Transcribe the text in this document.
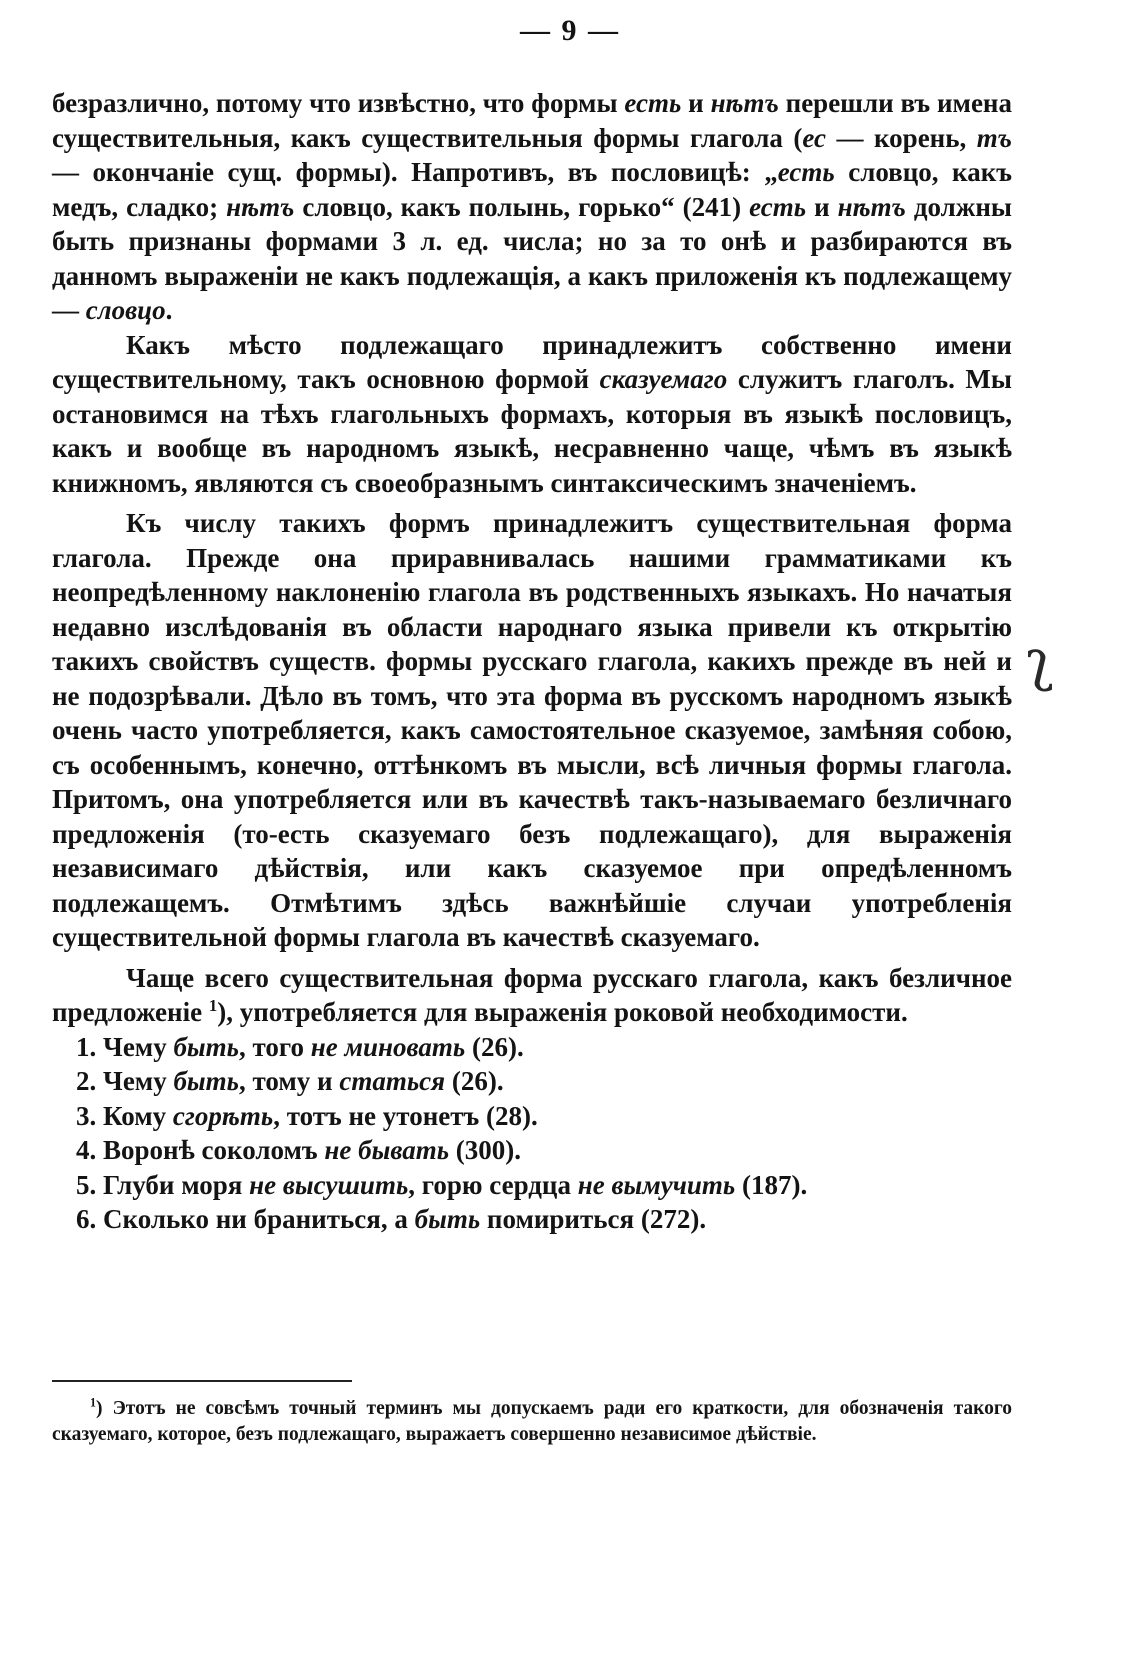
— 9 —

безразлично, потому что извѣстно, что формы есть и нѣтъ перешли въ имена существительныя, какъ существительныя формы глагола (ес — корень, тъ — окончаніе сущ. формы). Напротивъ, въ пословицѣ: „есть словцо, какъ медъ, сладко; нѣтъ словцо, какъ полынь, горько“ (241) есть и нѣтъ должны быть признаны формами 3 л. ед. числа; но за то онѣ и разбираются въ данномъ выраженіи не какъ подлежащія, а какъ приложенія къ подлежащему — словцо.

Какъ мѣсто подлежащаго принадлежитъ собственно имени существительному, такъ основною формой сказуемаго служитъ глаголъ. Мы остановимся на тѣхъ глагольныхъ формахъ, которыя въ языкѣ пословицъ, какъ и вообще въ народномъ языкѣ, несравненно чаще, чѣмъ въ языкѣ книжномъ, являются съ своеобразнымъ синтаксическимъ значеніемъ.

Къ числу такихъ формъ принадлежитъ существительная форма глагола. Прежде она приравнивалась нашими грамматиками къ неопредѣленному наклоненію глагола въ родственныхъ языкахъ. Но начатыя недавно изслѣдованія въ области народнаго языка привели къ открытію такихъ свойствъ существ. формы русскаго глагола, какихъ прежде въ ней и не подозрѣвали. Дѣло въ томъ, что эта форма въ русскомъ народномъ языкѣ очень часто употребляется, какъ самостоятельное сказуемое, замѣняя собою, съ особеннымъ, конечно, оттѣнкомъ въ мысли, всѣ личныя формы глагола. Притомъ, она употребляется или въ качествѣ такъ-называемаго безличнаго предложенія (то-есть сказуемаго безъ подлежащаго), для выраженія независимаго дѣйствія, или какъ сказуемое при опредѣленномъ подлежащемъ. Отмѣтимъ здѣсь важнѣйшіе случаи употребленія существительной формы глагола въ качествѣ сказуемаго.

Чаще всего существительная форма русскаго глагола, какъ безличное предложеніе $^1$), употребляется для выраженія роковой необходимости.

1. Чему быть, того не миновать (26).
2. Чему быть, тому и статься (26).
3. Кому сгорѣть, тотъ не утонетъ (28).
4. Воронѣ соколомъ не бывать (300).
5. Глуби моря не высушить, горю сердца не вымучить (187).
6. Сколько ни браниться, а быть помириться (272).
ʅ

$^1$) Этотъ не совсѣмъ точный терминъ мы допускаемъ ради его краткости, для обозначенія такого сказуемаго, которое, безъ подлежащаго, выражаетъ совершенно независимое дѣйствіе.
